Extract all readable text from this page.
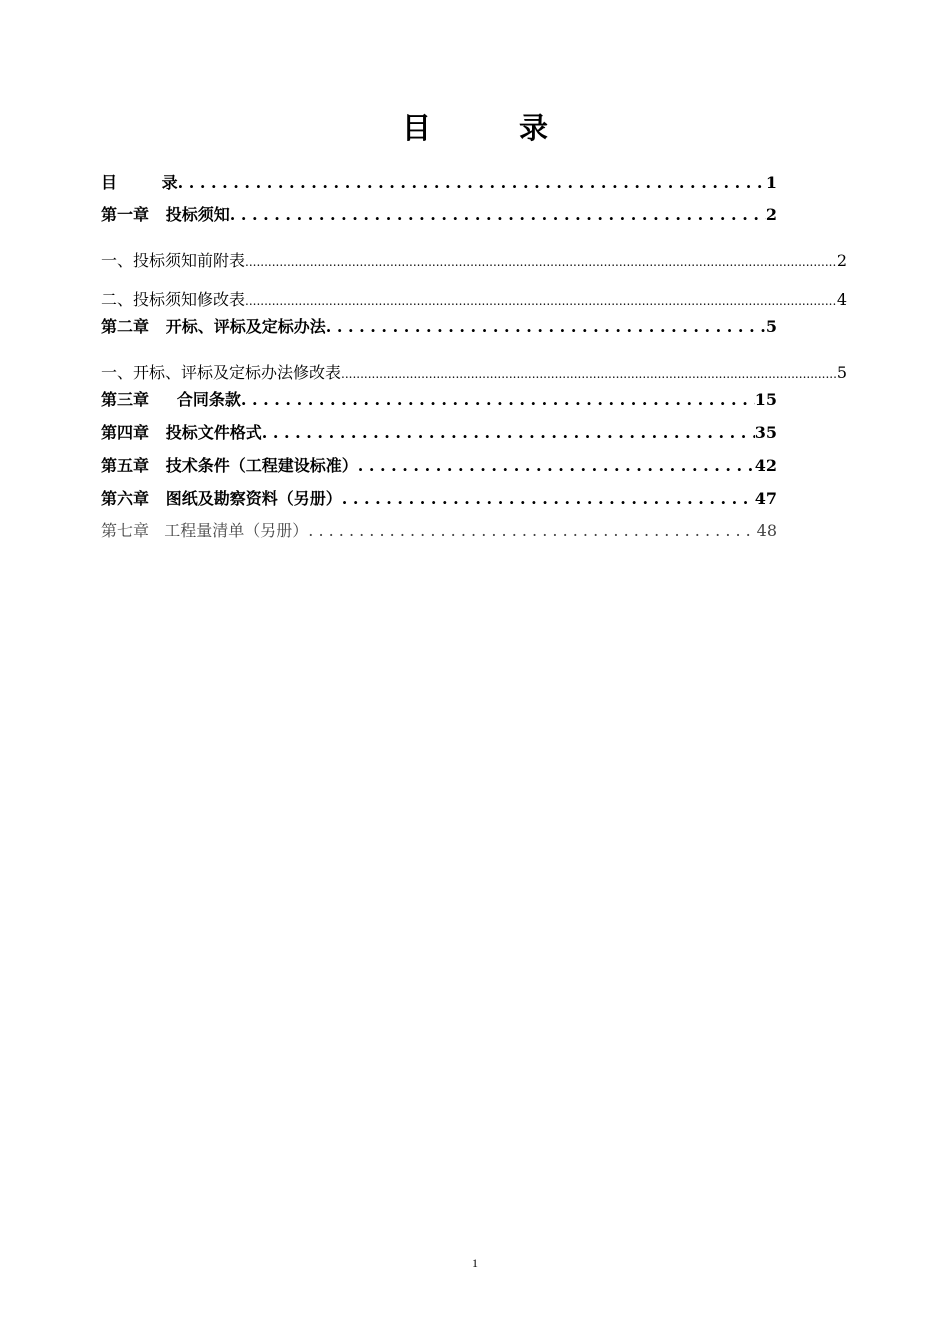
目 录
目        录 . . .	1
第一章   投标须知 . . .	2
一、投标须知前附表 .....	2
二、投标须知修改表 .....	4
第二章   开标、评标及定标办法 . . .	5
一、开标、评标及定标办法修改表 .....	5
第三章     合同条款 . . .	15
第四章   投标文件格式 . . .	35
第五章   技术条件（工程建设标准） . . .	42
第六章   图纸及勘察资料（另册） . . .	47
第七章   工程量清单（另册） . . .	48
1
